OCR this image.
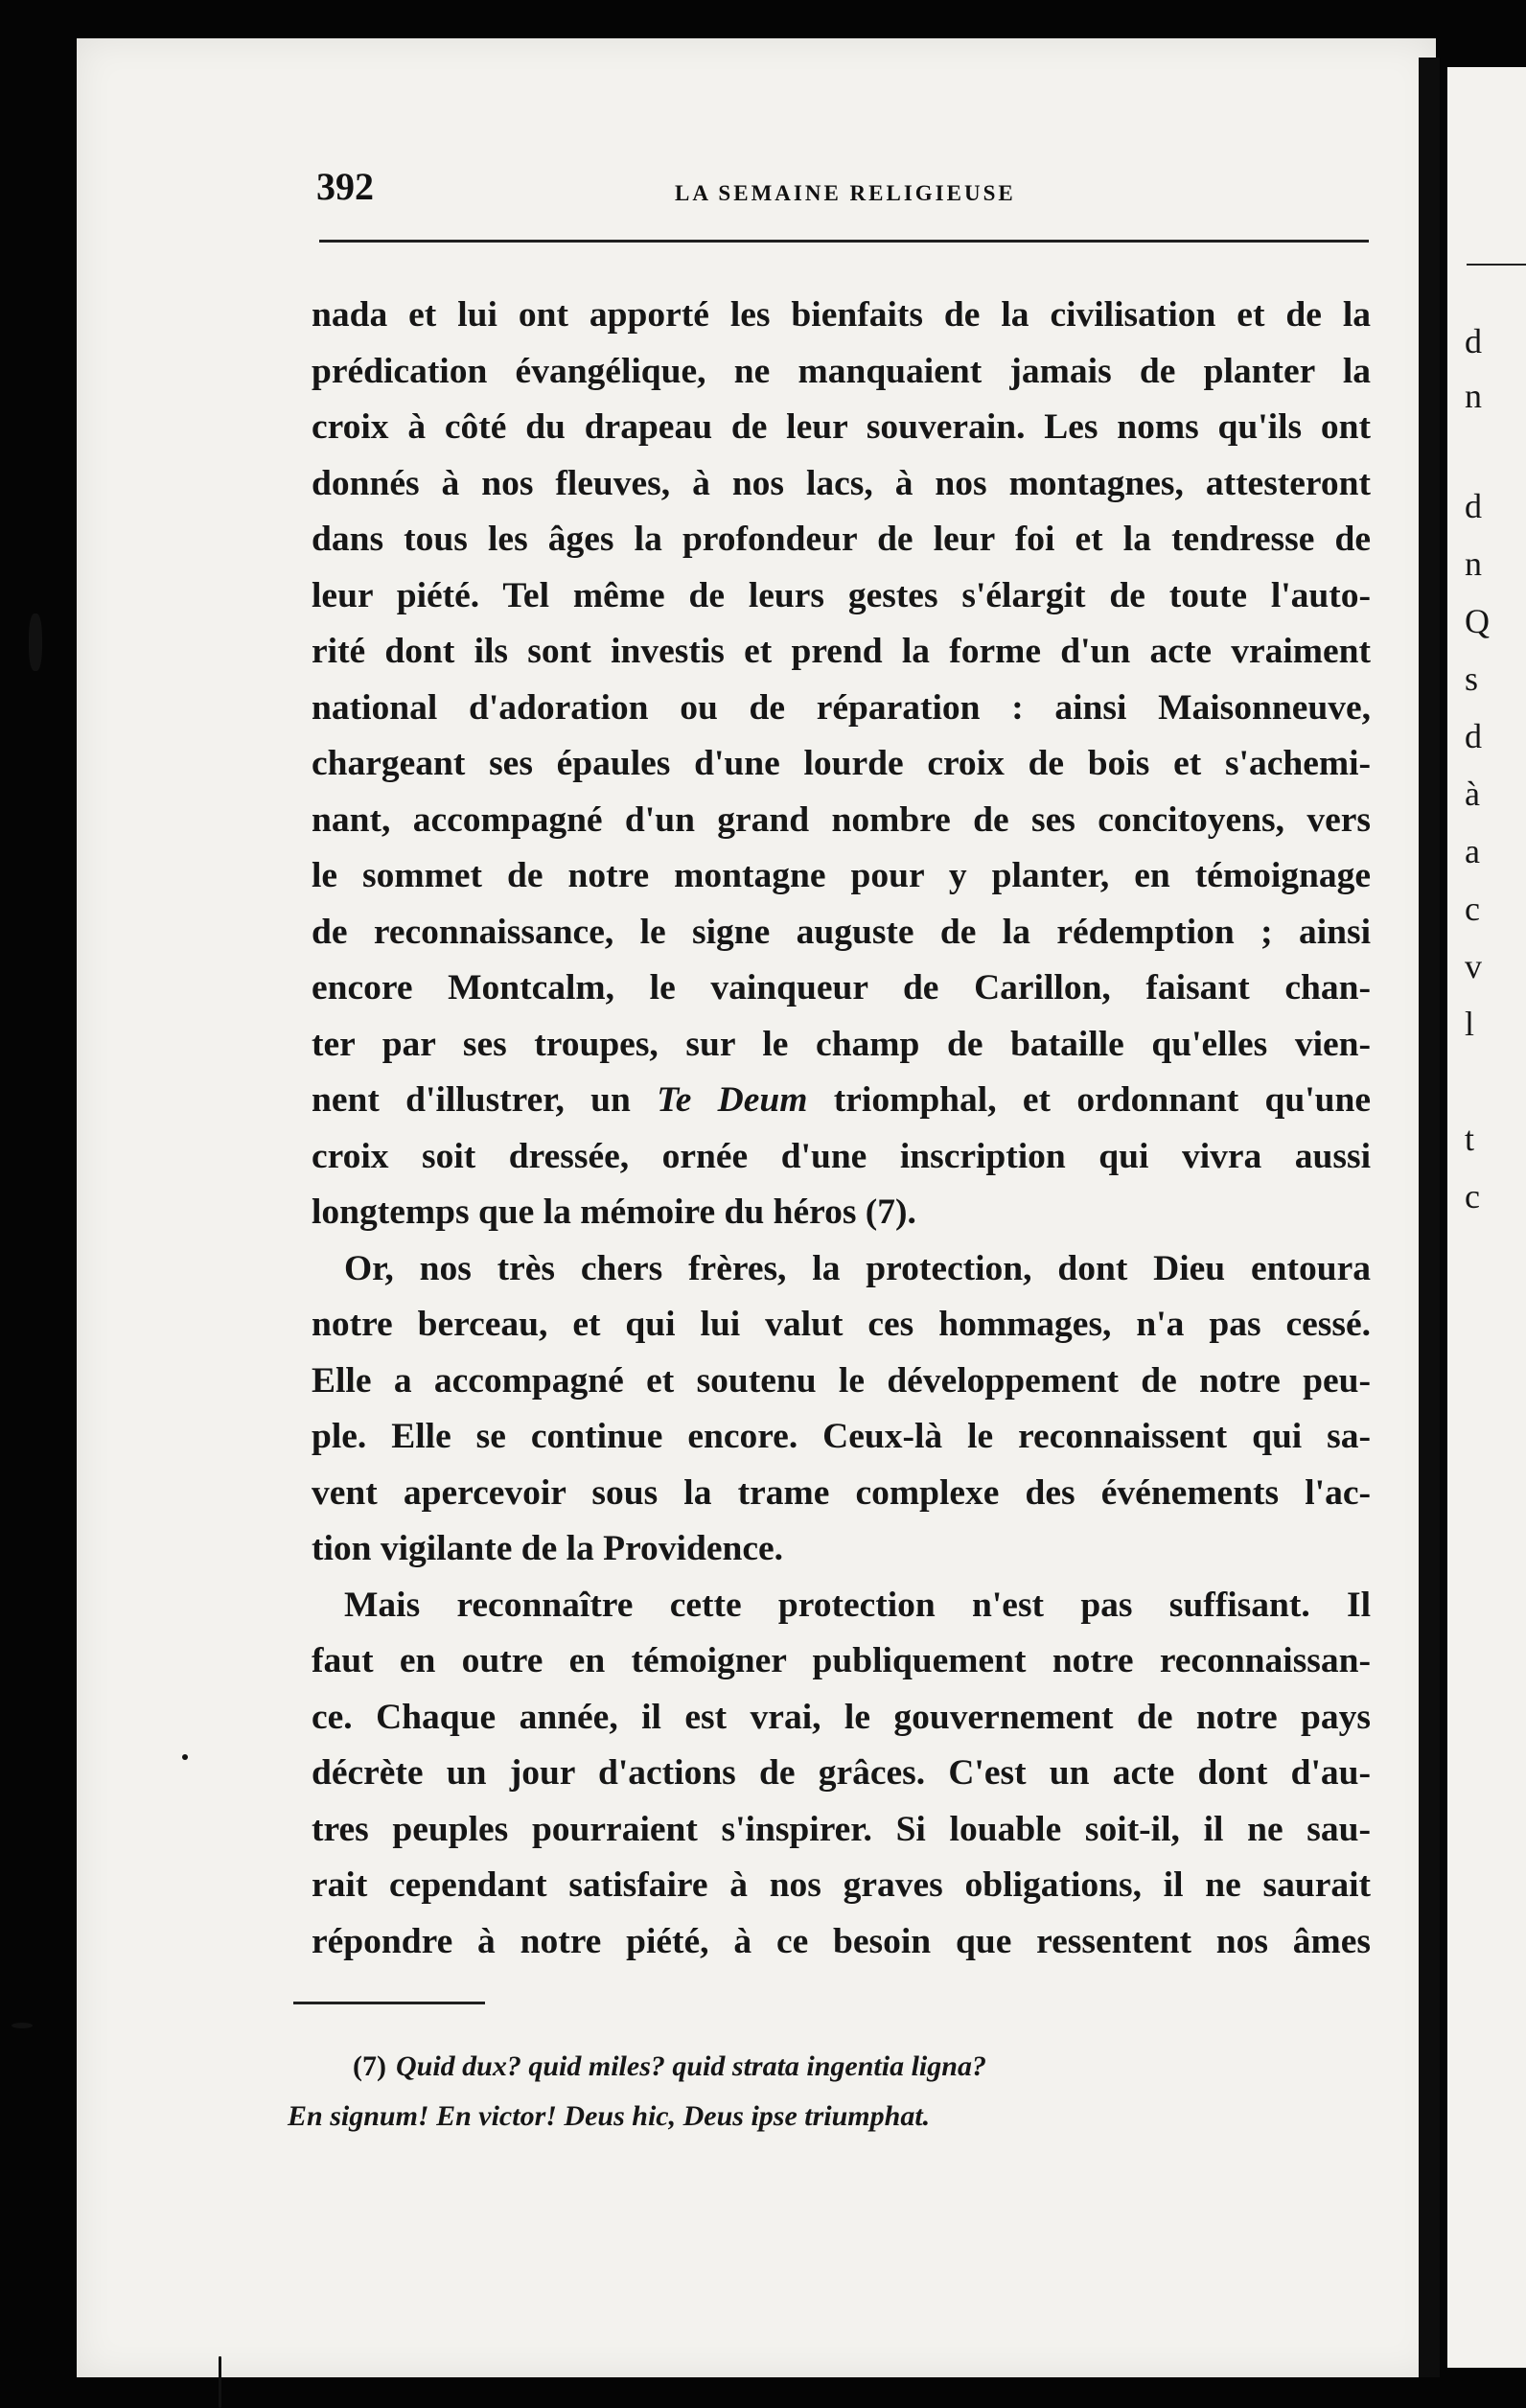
d
n
d
n
Q
s
d
à
a
c
v
l
t
c
392	LA SEMAINE RELIGIEUSE
nada et lui ont apporté les bienfaits de la civilisation et de la
prédication évangélique, ne manquaient jamais de planter la
croix à côté du drapeau de leur souverain. Les noms qu'ils ont
donnés à nos fleuves, à nos lacs, à nos montagnes, attesteront
dans tous les âges la profondeur de leur foi et la tendresse de
leur piété. Tel même de leurs gestes s'élargit de toute l'auto-
rité dont ils sont investis et prend la forme d'un acte vraiment
national d'adoration ou de réparation : ainsi Maisonneuve,
chargeant ses épaules d'une lourde croix de bois et s'achemi-
nant, accompagné d'un grand nombre de ses concitoyens, vers
le sommet de notre montagne pour y planter, en témoignage
de reconnaissance, le signe auguste de la rédemption ; ainsi
encore Montcalm, le vainqueur de Carillon, faisant chan-
ter par ses troupes, sur le champ de bataille qu'elles vien-
nent d'illustrer, un Te Deum triomphal, et ordonnant qu'une
croix soit dressée, ornée d'une inscription qui vivra aussi
longtemps que la mémoire du héros (7).
Or, nos très chers frères, la protection, dont Dieu entoura
notre berceau, et qui lui valut ces hommages, n'a pas cessé.
Elle a accompagné et soutenu le développement de notre peu-
ple. Elle se continue encore. Ceux-là le reconnaissent qui sa-
vent apercevoir sous la trame complexe des événements l'ac-
tion vigilante de la Providence.
Mais reconnaître cette protection n'est pas suffisant. Il
faut en outre en témoigner publiquement notre reconnaissan-
ce. Chaque année, il est vrai, le gouvernement de notre pays
décrète un jour d'actions de grâces. C'est un acte dont d'au-
tres peuples pourraient s'inspirer. Si louable soit-il, il ne sau-
rait cependant satisfaire à nos graves obligations, il ne saurait
répondre à notre piété, à ce besoin que ressentent nos âmes
(7) Quid dux? quid miles? quid strata ingentia ligna?
En signum! En victor! Deus hic, Deus ipse triumphat.
